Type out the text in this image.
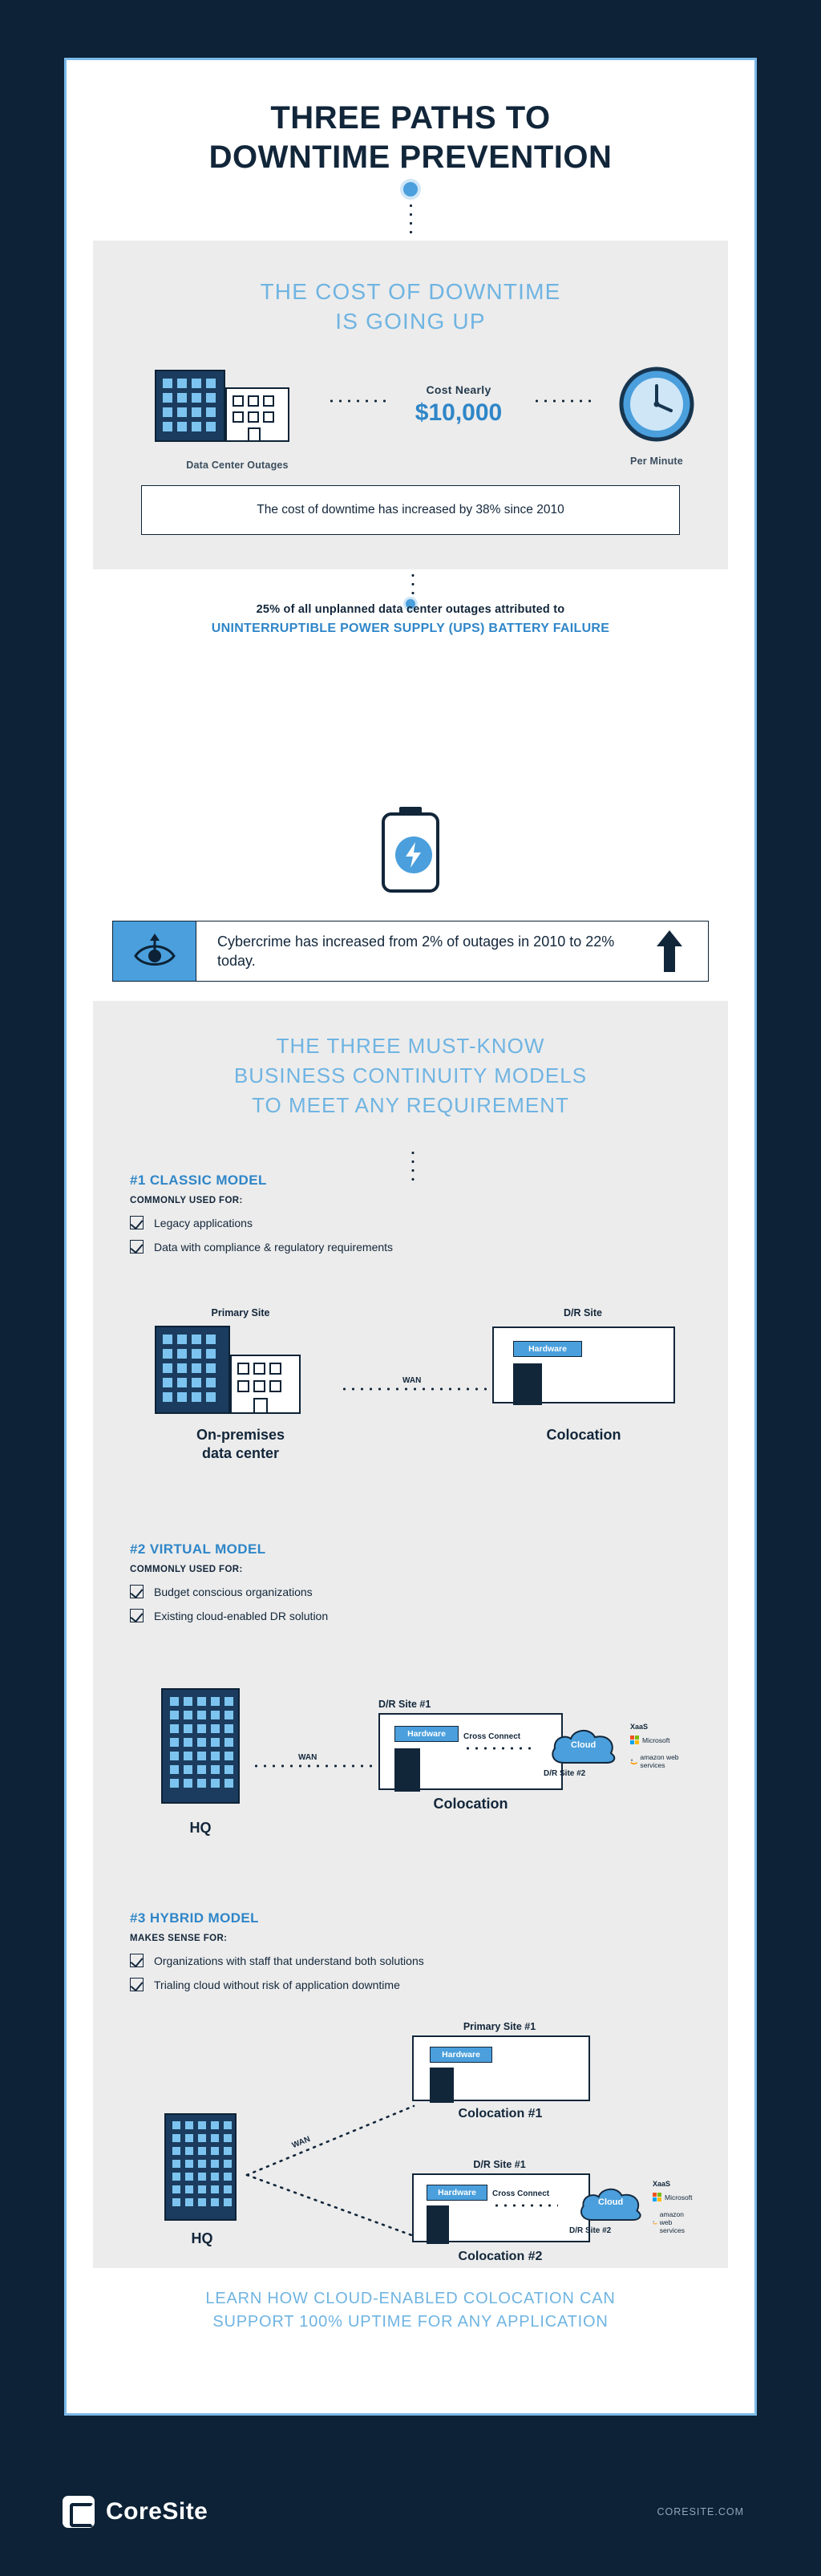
THREE PATHS TO
DOWNTIME PREVENTION
THE COST OF DOWNTIME
IS GOING UP
Data Center Outages
Cost Nearly
$10,000
Per Minute
The cost of downtime has increased by 38% since 2010
25% of all unplanned data center outages attributed to
UNINTERRUPTIBLE POWER SUPPLY (UPS) BATTERY FAILURE
Cybercrime has increased from 2% of outages in 2010 to 22% today.
THE THREE MUST-KNOW
BUSINESS CONTINUITY MODELS
TO MEET ANY REQUIREMENT
#1 CLASSIC MODEL
COMMONLY USED FOR:
Legacy applications
Data with compliance & regulatory requirements
Primary Site
On-premises
data center
WAN
D/R Site
Hardware
Colocation
#2 VIRTUAL MODEL
COMMONLY USED FOR:
Budget conscious organizations
Existing cloud-enabled DR solution
HQ
WAN
D/R Site #1
Hardware	Cross Connect
Cloud
XaaS
Microsoft
a amazon web services
D/R Site #2
Colocation
#3 HYBRID MODEL
MAKES SENSE FOR:
Organizations with staff that understand both solutions
Trialing cloud without risk of application downtime
HQ
WAN
Primary Site #1
Hardware
Colocation #1
D/R Site #1
Hardware	Cross Connect
Cloud
XaaS
Microsoft
a
amazon web services
D/R Site #2
Colocation #2
LEARN HOW CLOUD-ENABLED COLOCATION CAN
SUPPORT 100% UPTIME FOR ANY APPLICATION
CoreSite	CORESITE.COM
